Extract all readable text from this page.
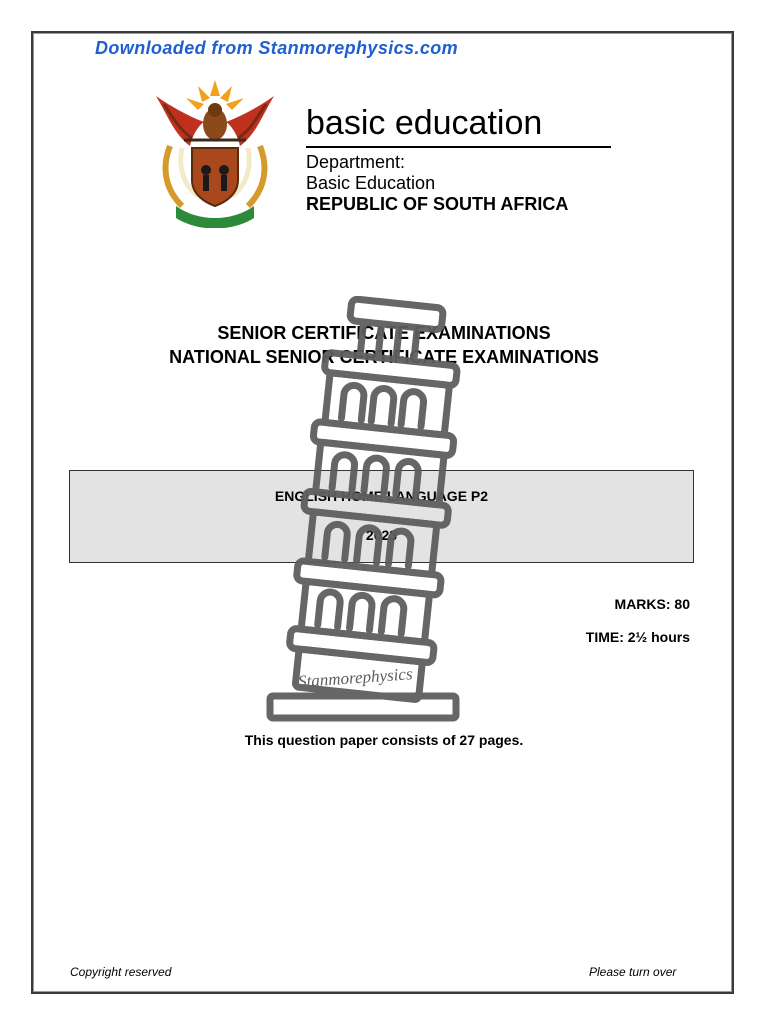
Downloaded from Stanmorephysics.com
basic education
Department:
Basic Education
REPUBLIC OF SOUTH AFRICA
SENIOR CERTIFICATE EXAMINATIONS
NATIONAL SENIOR CERTIFICATE EXAMINATIONS
ENGLISH HOME LANGUAGE P2
2023
MARKS: 80
TIME: 2½ hours
This question paper consists of 27 pages.
Copyright reserved	Please turn over
Stanmorephysics
